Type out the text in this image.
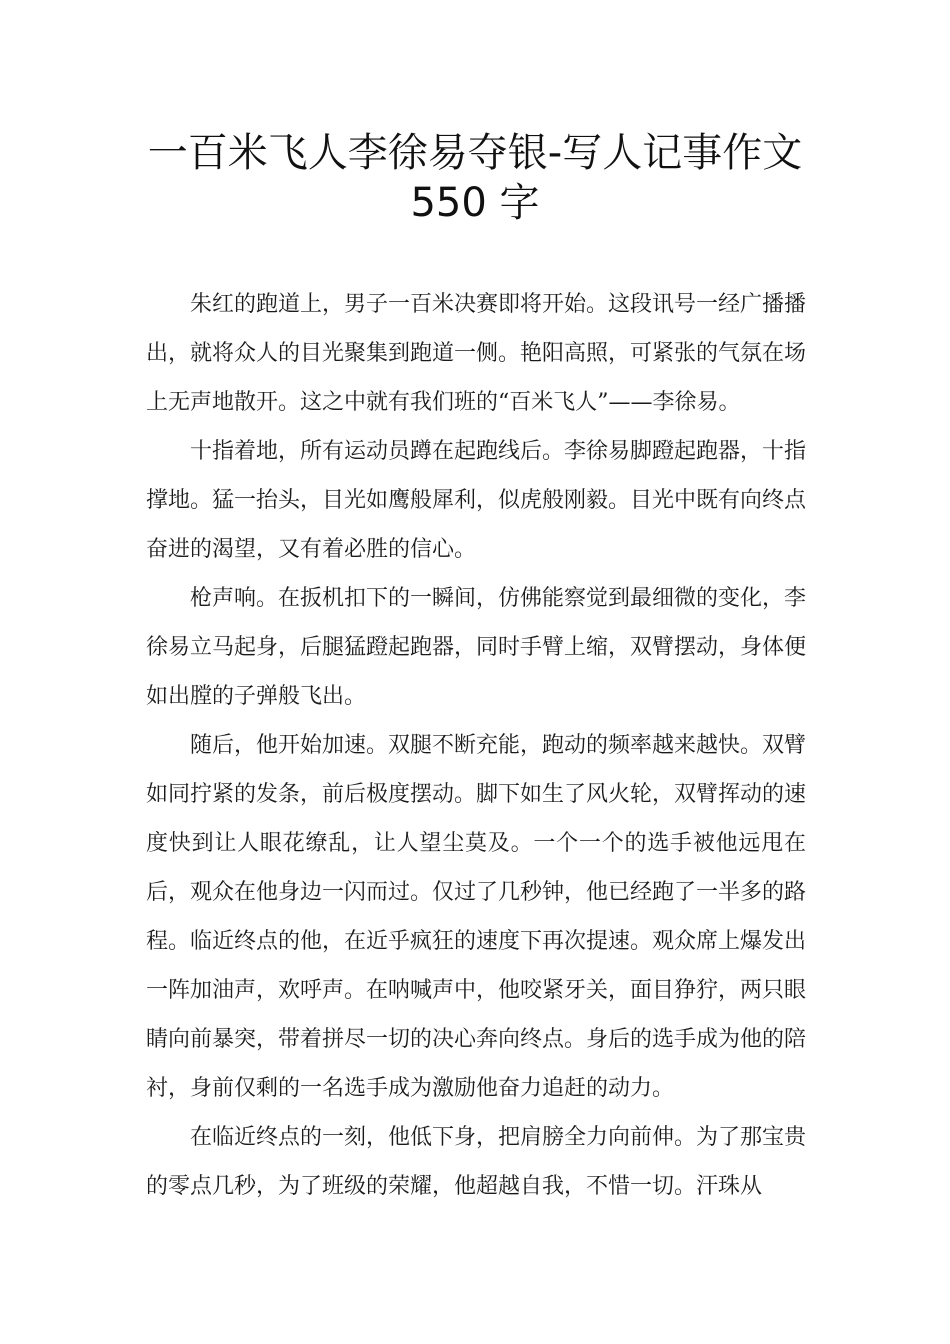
一百米飞人李徐易夺银-写人记事作文
550 字

朱红的跑道上，男子一百米决赛即将开始。这段讯号一经广播播出，就将众人的目光聚集到跑道一侧。艳阳高照，可紧张的气氛在场上无声地散开。这之中就有我们班的“百米飞人”——李徐易。

十指着地，所有运动员蹲在起跑线后。李徐易脚蹬起跑器，十指撑地。猛一抬头，目光如鹰般犀利，似虎般刚毅。目光中既有向终点奋进的渴望，又有着必胜的信心。

枪声响。在扳机扣下的一瞬间，仿佛能察觉到最细微的变化，李徐易立马起身，后腿猛蹬起跑器，同时手臂上缩，双臂摆动，身体便如出膛的子弹般飞出。

随后，他开始加速。双腿不断充能，跑动的频率越来越快。双臂如同拧紧的发条，前后极度摆动。脚下如生了风火轮，双臂挥动的速度快到让人眼花缭乱，让人望尘莫及。一个一个的选手被他远甩在后，观众在他身边一闪而过。仅过了几秒钟，他已经跑了一半多的路程。临近终点的他，在近乎疯狂的速度下再次提速。观众席上爆发出一阵加油声，欢呼声。在呐喊声中，他咬紧牙关，面目狰狞，两只眼睛向前暴突，带着拼尽一切的决心奔向终点。身后的选手成为他的陪衬，身前仅剩的一名选手成为激励他奋力追赶的动力。

在临近终点的一刻，他低下身，把肩膀全力向前伸。为了那宝贵的零点几秒，为了班级的荣耀，他超越自我，不惜一切。汗珠从
